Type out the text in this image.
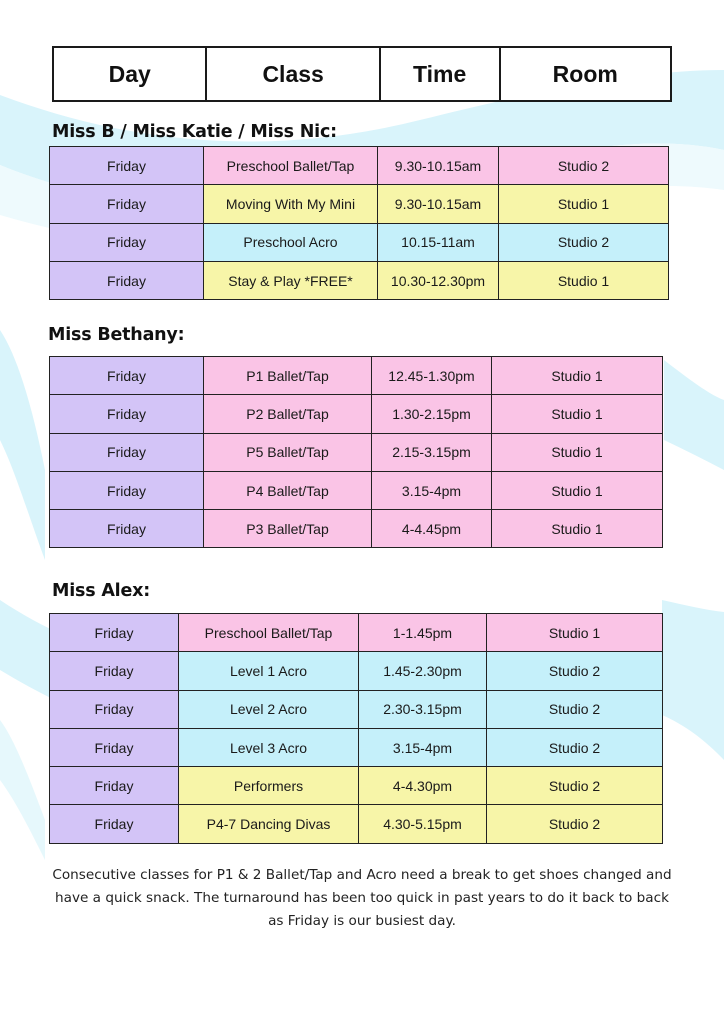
Day	Class	Time	Room
Miss B / Miss Katie / Miss Nic:
Friday	Preschool Ballet/Tap	9.30-10.15am	Studio 2
Friday	Moving With My Mini	9.30-10.15am	Studio 1
Friday	Preschool Acro	10.15-11am	Studio 2
Friday	Stay & Play *FREE*	10.30-12.30pm	Studio 1
Miss Bethany:
Friday	P1 Ballet/Tap	12.45-1.30pm	Studio 1
Friday	P2 Ballet/Tap	1.30-2.15pm	Studio 1
Friday	P5 Ballet/Tap	2.15-3.15pm	Studio 1
Friday	P4 Ballet/Tap	3.15-4pm	Studio 1
Friday	P3 Ballet/Tap	4-4.45pm	Studio 1
Miss Alex:
Friday	Preschool Ballet/Tap	1-1.45pm	Studio 1
Friday	Level 1 Acro	1.45-2.30pm	Studio 2
Friday	Level 2 Acro	2.30-3.15pm	Studio 2
Friday	Level 3 Acro	3.15-4pm	Studio 2
Friday	Performers	4-4.30pm	Studio 2
Friday	P4-7 Dancing Divas	4.30-5.15pm	Studio 2

Consecutive classes for P1 & 2 Ballet/Tap and Acro need a break to get shoes changed and have a quick snack. The turnaround has been too quick in past years to do it back to back as Friday is our busiest day.
